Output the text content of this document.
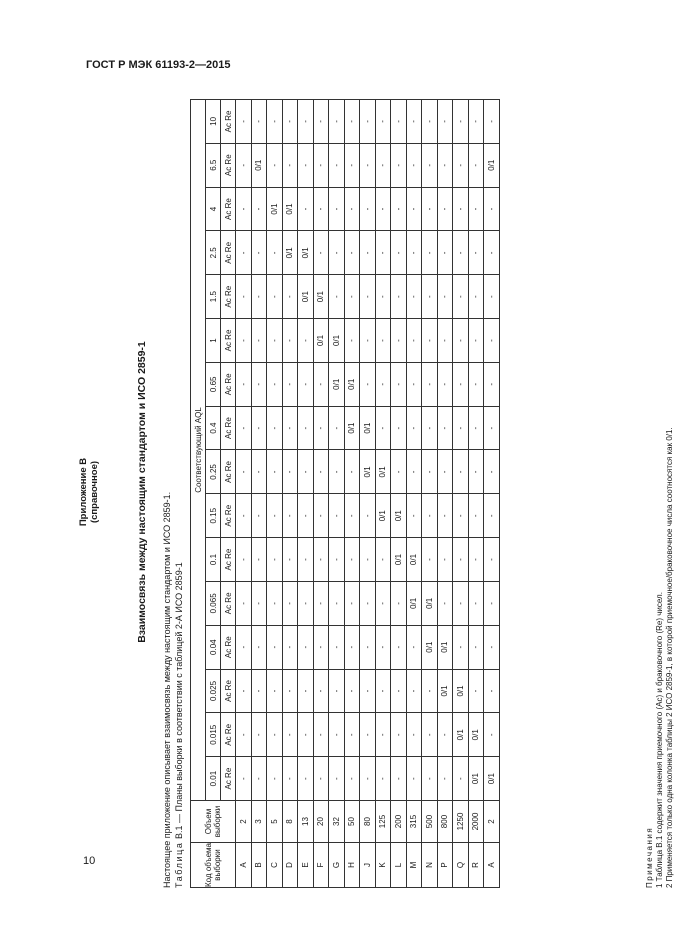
ГОСТ Р МЭК 61193-2—2015
10
Приложение В (справочное)	Взаимосвязь между настоящим стандартом и ИСО 2859-1 Настоящее приложение описывает взаимосвязь между настоящим стандартом и ИСО 2859-1. Таблица В.1 — Планы выборки в соответствии с таблицей 2-А ИСО 2859-1
Код объема выборки	Объем выборки	Соответствующий AQL															
		0.01	0.015	0.025	0.04	0.065	0.1	0.15	0.25	0.4	0.65	1	1.5	2.5	4	6.5	10
		Ac Re	Ac Re	Ac Re	Ac Re	Ac Re	Ac Re	Ac Re	Ac Re	Ac Re	Ac Re	Ac Re	Ac Re	Ac Re	Ac Re	Ac Re	Ac Re
A	2	-	-	-	-	-	-	-	-	-	-	-	-	-	-	-	-
B	3	-	-	-	-	-	-	-	-	-	-	-	-	-	-	0/1	-
C	5	-	-	-	-	-	-	-	-	-	-	-	-	-	0/1	-	-
D	8	-	-	-	-	-	-	-	-	-	-	-	-	0/1	0/1	-	-
E	13	-	-	-	-	-	-	-	-	-	-	-	0/1	0/1	-	-	-
F	20	-	-	-	-	-	-	-	-	-	-	0/1	0/1	-	-	-	-
G	32	-	-	-	-	-	-	-	-	-	0/1	0/1	-	-	-	-	-
H	50	-	-	-	-	-	-	-	-	0/1	0/1	-	-	-	-	-	-
J	80	-	-	-	-	-	-	-	0/1	0/1	-	-	-	-	-	-	-
K	125	-	-	-	-	-	-	0/1	0/1	-	-	-	-	-	-	-	-
L	200	-	-	-	-	-	0/1	0/1	-	-	-	-	-	-	-	-	-
M	315	-	-	-	-	0/1	0/1	-	-	-	-	-	-	-	-	-	-
N	500	-	-	-	0/1	0/1	-	-	-	-	-	-	-	-	-	-	-
P	800	-	-	0/1	0/1	-	-	-	-	-	-	-	-	-	-	-	-
Q	1250	-	0/1	0/1	-	-	-	-	-	-	-	-	-	-	-	-	-
R	2000	0/1	0/1	-	-	-	-	-	-	-	-	-	-	-	-	-	-
A	2	0/1	-	-	-	-	-	-	-	-	-	-	-	-	-	0/1	-
Примечания 1 Таблица В.1 содержит значения приемочного (Ac) и браковочного (Re) чисел. 2 Применяется только одна колонка таблицы 2 ИСО 2859-1, в которой приемочное/браковочное числа соотносятся как 0/1.
